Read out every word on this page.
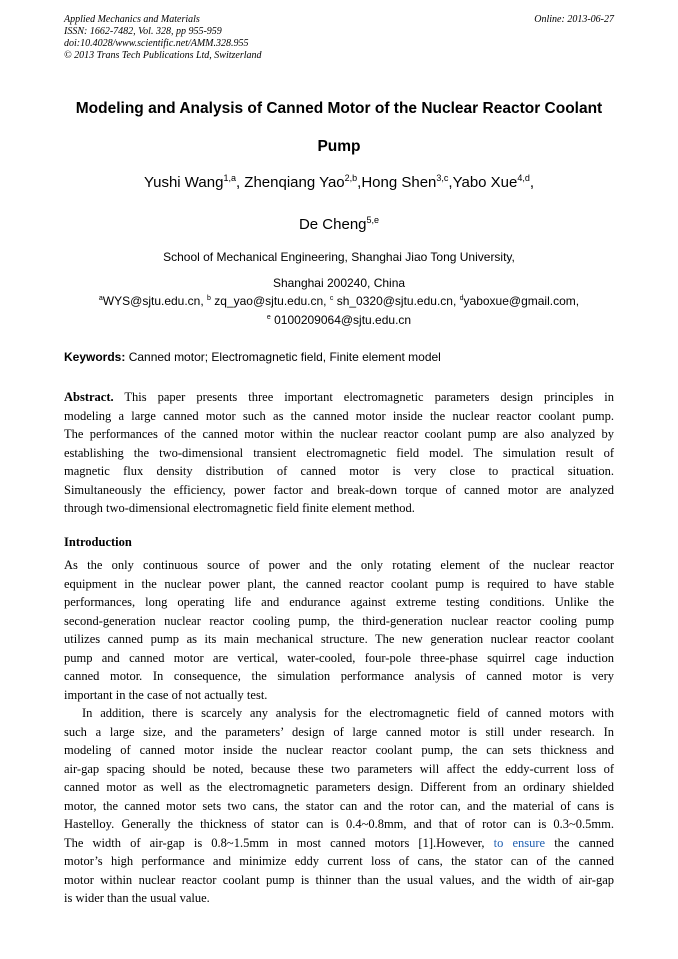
Applied Mechanics and Materials
ISSN: 1662-7482, Vol. 328, pp 955-959
doi:10.4028/www.scientific.net/AMM.328.955
© 2013 Trans Tech Publications Ltd, Switzerland
Online: 2013-06-27
Modeling and Analysis of Canned Motor of the Nuclear Reactor Coolant
Pump
Yushi Wang$^{1,a}$, Zhenqiang Yao$^{2,b}$,Hong Shen$^{3,c}$,Yabo Xue$^{4,d}$,
De Cheng$^{5,e}$
School of Mechanical Engineering, Shanghai Jiao Tong University,
Shanghai 200240, China
$^a$WYS@sjtu.edu.cn, $^b$ zq_yao@sjtu.edu.cn, $^c$ sh_0320@sjtu.edu.cn, $^d$yaboxue@gmail.com,
$^e$ 0100209064@sjtu.edu.cn
Keywords: Canned motor; Electromagnetic field, Finite element model
Abstract. This paper presents three important electromagnetic parameters design principles in
modeling a large canned motor such as the canned motor inside the nuclear reactor coolant pump.
The performances of the canned motor within the nuclear reactor coolant pump are also analyzed by
establishing the two-dimensional transient electromagnetic field model. The simulation result of
magnetic flux density distribution of canned motor is very close to practical situation.
Simultaneously the efficiency, power factor and break-down torque of canned motor are analyzed
through two-dimensional electromagnetic field finite element method.
Introduction
As the only continuous source of power and the only rotating element of the nuclear reactor
equipment in the nuclear power plant, the canned reactor coolant pump is required to have stable
performances, long operating life and endurance against extreme testing conditions. Unlike the
second-generation nuclear reactor cooling pump, the third-generation nuclear reactor cooling pump
utilizes canned pump as its main mechanical structure. The new generation nuclear reactor coolant
pump and canned motor are vertical, water-cooled, four-pole three-phase squirrel cage induction
canned motor. In consequence, the simulation performance analysis of canned motor is very
important in the case of not actually test.
In addition, there is scarcely any analysis for the electromagnetic field of canned motors with
such a large size, and the parameters’ design of large canned motor is still under research. In
modeling of canned motor inside the nuclear reactor coolant pump, the can sets thickness and
air-gap spacing should be noted, because these two parameters will affect the eddy-current loss of
canned motor as well as the electromagnetic parameters design. Different from an ordinary shielded
motor, the canned motor sets two cans, the stator can and the rotor can, and the material of cans is
Hastelloy. Generally the thickness of stator can is 0.4~0.8mm, and that of rotor can is 0.3~0.5mm.
The width of air-gap is 0.8~1.5mm in most canned motors [1].However, to ensure the canned
motor’s high performance and minimize eddy current loss of cans, the stator can of the canned
motor within nuclear reactor coolant pump is thinner than the usual values, and the width of air-gap
is wider than the usual value.
